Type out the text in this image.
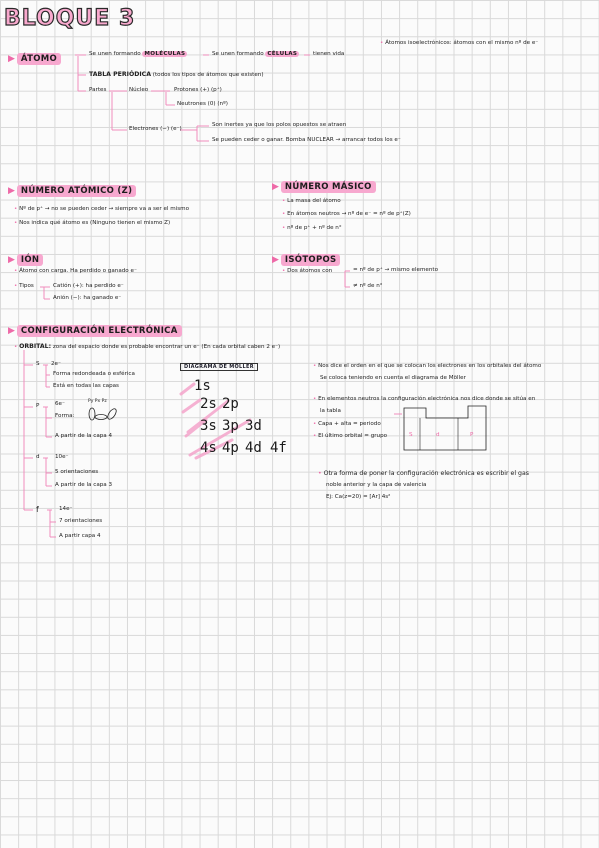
BLOQUE 3
• Átomos isoelectrónicos: átomos con el mismo nº de e⁻
▶ ÁTOMO	Se unen formando MOLÉCULAS	Se unen formando CÉLULAS	tienen vida
TABLA PERIÓDICA (todos los tipos de átomos que existen)
Partes	Núcleo	Protones (+) (p⁺)
Neutrones (0) (nº)
Electrones (−) (e⁻)
Son inertes ya que los polos opuestos se atraen
Se pueden ceder o ganar. Bomba NUCLEAR → arrancar todos los e⁻
▶ NÚMERO ATÓMICO (Z)
• Nº de p⁺ → no se pueden ceder → siempre va a ser el mismo
• Nos indica qué átomo es (Ninguno tienen el mismo Z)
▶ NÚMERO MÁSICO
• La masa del átomo
• En átomos neutros → nº de e⁻ = nº de p⁺(Z)
• nº de p⁺ + nº de n°
▶ IÓN
• Átomo con carga. Ha perdido o ganado e⁻
• Tipos	Catión (+): ha perdido e⁻
Anión (−): ha ganado e⁻
▶ ISÓTOPOS
• Dos átomos con	= nº de p⁺ → mismo elemento
≠ nº de n°
▶ CONFIGURACIÓN ELECTRÓNICA
• ORBITAL: zona del espacio donde es probable encontrar un e⁻ (En cada orbital caben 2 e⁻)
S 2e⁻
Forma redondeada o esférica
Está en todas las capas
P	6e⁻	Py Px Pz
Forma:
A partir de la capa 4
d	10e⁻
5 orientaciones
A partir de la capa 3
f	14e⁻
7 orientaciones
A partir capa 4
DIAGRAMA DE MÖLLER
1s
2s 2p
3s 3p 3d
4s 4p 4d 4f
• Nos dice el orden en el que se colocan los electrones en los orbitales del átomo
Se coloca teniendo en cuenta el diagrama de Möller
• En elementos neutros la configuración electrónica nos dice donde se sitúa en
la tabla
• Capa + alta = periodo
• El último orbital = grupo	S	d	P
• Otra forma de poner la configuración electrónica es escribir el gas
noble anterior y la capa de valencia
Ej: Ca(z=20) = [Ar] 4s²
